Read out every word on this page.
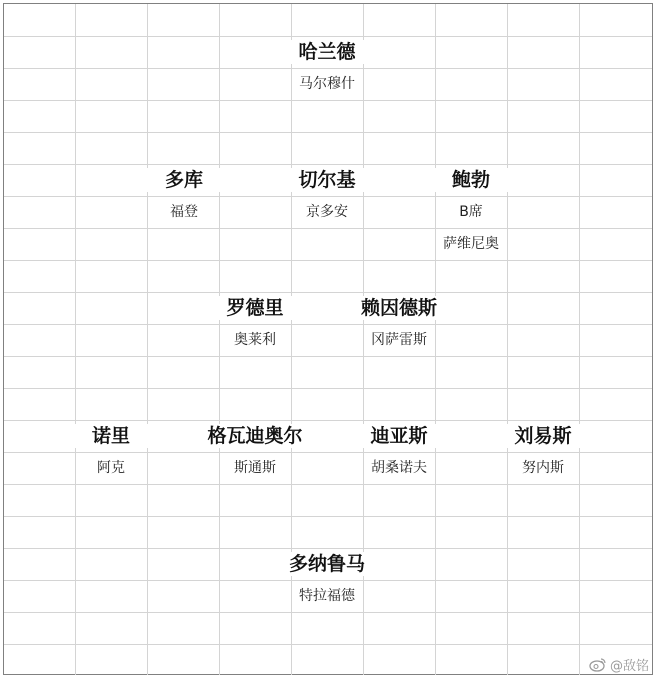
哈兰德
马尔穆什
多库
福登
切尔基
京多安
鲍勃
B席
萨维尼奥
罗德里
奥莱利
赖因德斯
冈萨雷斯
诺里
阿克
格瓦迪奥尔
斯通斯
迪亚斯
胡桑诺夫
刘易斯
努内斯
多纳鲁马
特拉福德
@敌铭
